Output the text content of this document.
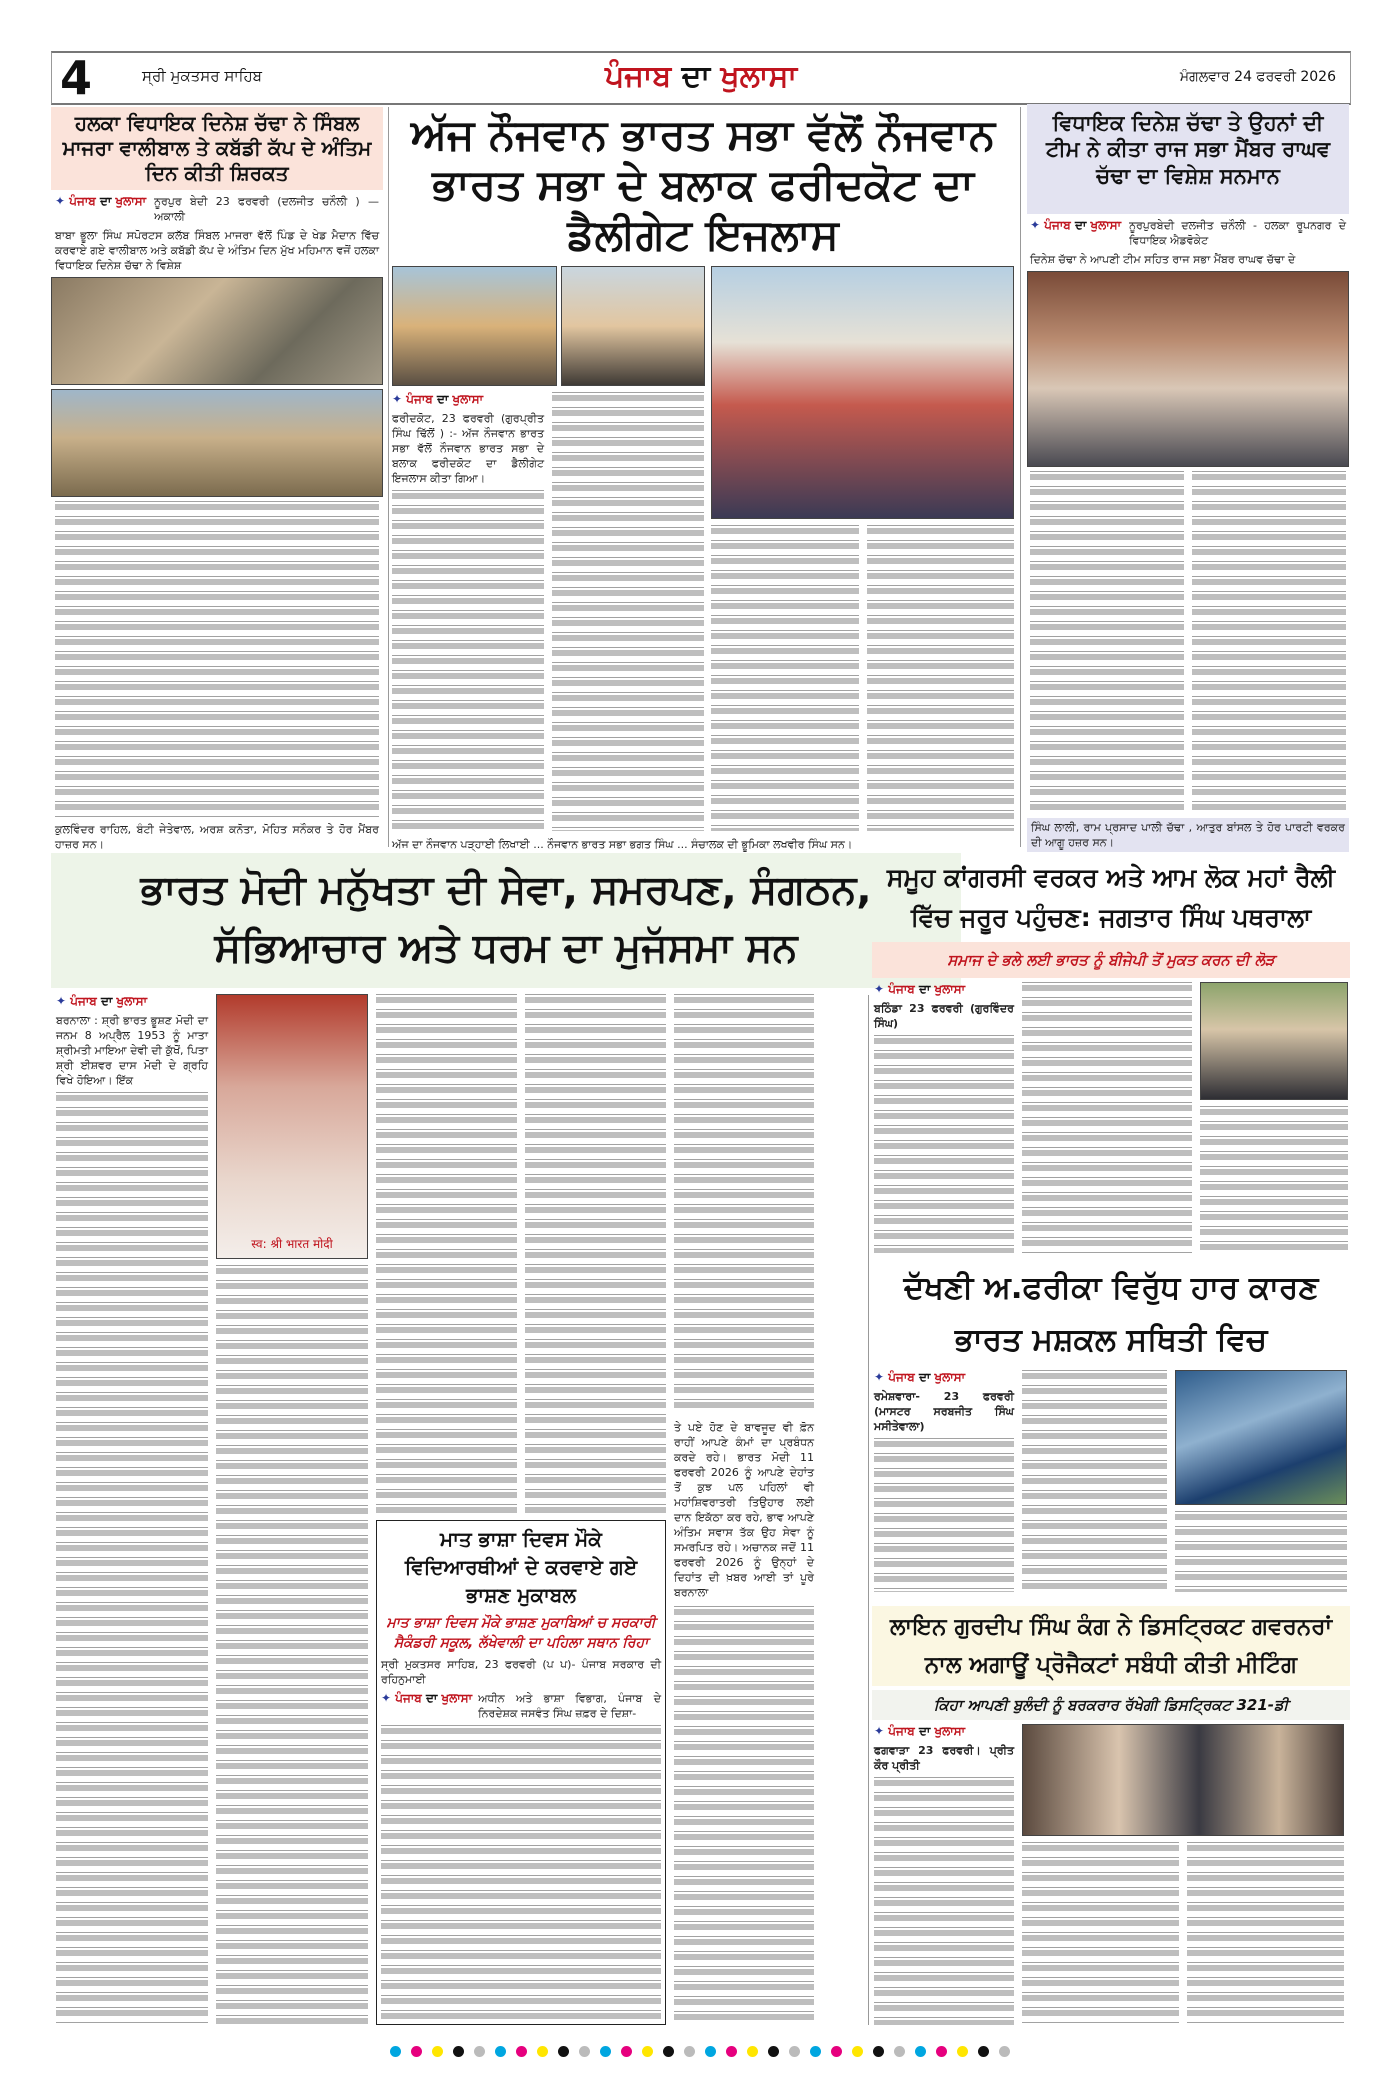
4	ਸ੍ਰੀ ਮੁਕਤਸਰ ਸਾਹਿਬ	ਪੰਜਾਬ ਦਾ ਖੁਲਾਸਾ	ਮੰਗਲਵਾਰ 24 ਫਰਵਰੀ 2026
ਹਲਕਾ ਵਿਧਾਇਕ ਦਿਨੇਸ਼ ਚੱਢਾ ਨੇ ਸਿੰਬਲ ਮਾਜਰਾ ਵਾਲੀਬਾਲ ਤੇ ਕਬੱਡੀ ਕੱਪ ਦੇ ਅੰਤਿਮ ਦਿਨ ਕੀਤੀ ਸ਼ਿਰਕਤ
✦ ਪੰਜਾਬ ਦਾ ਖੁਲਾਸਾ ਨੂਰਪੁਰ ਬੇਦੀ 23 ਫਰਵਰੀ (ਦਲਜੀਤ ਚਨੌਲੀ ) — ਅਕਾਲੀ
ਬਾਬਾ ਭੂਲਾ ਸਿੰਘ ਸਪੋਰਟਸ ਕਲੱਬ ਸਿੰਬਲ ਮਾਜਰਾ ਵੱਲੋਂ ਪਿੰਡ ਦੇ ਖੇਡ ਮੈਦਾਨ ਵਿੱਚ ਕਰਵਾਏ ਗਏ ਵਾਲੀਬਾਲ ਅਤੇ ਕਬੱਡੀ ਕੱਪ ਦੇ ਅੰਤਿਮ ਦਿਨ ਮੁੱਖ ਮਹਿਮਾਨ ਵਜੋਂ ਹਲਕਾ ਵਿਧਾਇਕ ਦਿਨੇਸ਼ ਚੱਢਾ ਨੇ ਵਿਸ਼ੇਸ਼
ਕੁਲਵਿੰਦਰ ਰਾਹਿਲ, ਬੰਟੀ ਜੇਤੇਵਾਲ, ਅਰਸ਼ ਕਨੋਤਾ, ਮੋਹਿਤ ਸਨੌਕਰ ਤੇ ਹੋਰ ਮੈਂਬਰ ਹਾਜ਼ਰ ਸਨ।
ਅੱਜ ਨੌਜਵਾਨ ਭਾਰਤ ਸਭਾ ਵੱਲੋਂ ਨੌਜਵਾਨ ਭਾਰਤ ਸਭਾ ਦੇ ਬਲਾਕ ਫਰੀਦਕੋਟ ਦਾ ਡੈਲੀਗੇਟ ਇਜਲਾਸ
✦ ਪੰਜਾਬ ਦਾ ਖੁਲਾਸਾ
ਫਰੀਦਕੋਟ, 23 ਫਰਵਰੀ (ਗੁਰਪ੍ਰੀਤ ਸਿੰਘ ਢਿੱਲੋਂ ) :- ਅੱਜ ਨੌਜਵਾਨ ਭਾਰਤ ਸਭਾ ਵੱਲੋਂ ਨੌਜਵਾਨ ਭਾਰਤ ਸਭਾ ਦੇ ਬਲਾਕ ਫਰੀਦਕੋਟ ਦਾ ਡੈਲੀਗੇਟ ਇਜਲਾਸ ਕੀਤਾ ਗਿਆ।
ਅੱਜ ਦਾ ਨੌਜਵਾਨ ਪੜ੍ਹਾਈ ਲਿਖਾਈ ... ਨੌਜਵਾਨ ਭਾਰਤ ਸਭਾ ਭਗਤ ਸਿੰਘ ... ਸੰਚਾਲਕ ਦੀ ਭੂਮਿਕਾ ਲਖਵੀਰ ਸਿੰਘ ਸਨ।
ਵਿਧਾਇਕ ਦਿਨੇਸ਼ ਚੱਢਾ ਤੇ ਉਹਨਾਂ ਦੀ ਟੀਮ ਨੇ ਕੀਤਾ ਰਾਜ ਸਭਾ ਮੈਂਬਰ ਰਾਘਵ ਚੱਢਾ ਦਾ ਵਿਸ਼ੇਸ਼ ਸਨਮਾਨ
✦ ਪੰਜਾਬ ਦਾ ਖੁਲਾਸਾ ਨੂਰਪੁਰਬੇਦੀ ਦਲਜੀਤ ਚਨੌਲੀ - ਹਲਕਾ ਰੂਪਨਗਰ ਦੇ ਵਿਧਾਇਕ ਐਡਵੋਕੇਟ
ਦਿਨੇਸ਼ ਚੱਢਾ ਨੇ ਆਪਣੀ ਟੀਮ ਸਹਿਤ ਰਾਜ ਸਭਾ ਮੈਂਬਰ ਰਾਘਵ ਚੱਢਾ ਦੇ
ਸਿੰਘ ਲਾਲੀ, ਰਾਮ ਪ੍ਰਸਾਦ ਪਾਲੀ ਚੱਢਾ , ਆਤੁਰ ਬਾਂਸਲ ਤੇ ਹੋਰ ਪਾਰਟੀ ਵਰਕਰ ਦੀ ਆਗੂ ਹਜ਼ਰ ਸਨ।
ਭਾਰਤ ਮੋਦੀ ਮਨੁੱਖਤਾ ਦੀ ਸੇਵਾ, ਸਮਰਪਣ, ਸੰਗਠਨ, ਸੱਭਿਆਚਾਰ ਅਤੇ ਧਰਮ ਦਾ ਮੁਜੱਸਮਾ ਸਨ
✦ ਪੰਜਾਬ ਦਾ ਖੁਲਾਸਾ
ਬਰਨਾਲਾ : ਸ਼੍ਰੀ ਭਾਰਤ ਭੂਸ਼ਣ ਮੋਦੀ ਦਾ ਜਨਮ 8 ਅਪ੍ਰੈਲ 1953 ਨੂੰ ਮਾਤਾ ਸ਼੍ਰੀਮਤੀ ਮਾਇਆ ਦੇਵੀ ਦੀ ਕੁੱਖੋਂ, ਪਿਤਾ ਸ਼੍ਰੀ ਈਸ਼ਵਰ ਦਾਸ ਮੋਦੀ ਦੇ ਗ੍ਰਹਿ ਵਿਖੇ ਹੋਇਆ। ਇੱਕ
स्व: श्री भारत मोदी
ਮਾਤ ਭਾਸ਼ਾ ਦਿਵਸ ਮੌਕੇ ਵਿਦਿਆਰਥੀਆਂ ਦੇ ਕਰਵਾਏ ਗਏ ਭਾਸ਼ਣ ਮੁਕਾਬਲ
ਮਾਤ ਭਾਸ਼ਾ ਦਿਵਸ ਮੌਕੇ ਭਾਸ਼ਣ ਮੁਕਾਬਿਆਂ ਚ ਸਰਕਾਰੀ ਸੈਕੰਡਰੀ ਸਕੂਲ, ਲੱਖੇਵਾਲੀ ਦਾ ਪਹਿਲਾ ਸਥਾਨ ਰਿਹਾ
ਸ੍ਰੀ ਮੁਕਤਸਰ ਸਾਹਿਬ, 23 ਫਰਵਰੀ (ਪ ਪ)- ਪੰਜਾਬ ਸਰਕਾਰ ਦੀ ਰਹਿਨੁਮਾਈ
✦ ਪੰਜਾਬ ਦਾ ਖੁਲਾਸਾ ਅਧੀਨ ਅਤੇ ਭਾਸ਼ਾ ਵਿਭਾਗ, ਪੰਜਾਬ ਦੇ ਨਿਰਦੇਸ਼ਕ ਜਸਵੰਤ ਸਿੰਘ ਜ਼ਫ਼ਰ ਦੇ ਦਿਸ਼ਾ-
ਤੇ ਪਏ ਹੋਣ ਦੇ ਬਾਵਜੂਦ ਵੀ ਫ਼ੋਨ ਰਾਹੀਂ ਆਪਣੇ ਕੰਮਾਂ ਦਾ ਪ੍ਰਬੰਧਨ ਕਰਦੇ ਰਹੇ। ਭਾਰਤ ਮੋਦੀ 11 ਫਰਵਰੀ 2026 ਨੂੰ ਆਪਣੇ ਦੇਹਾਂਤ ਤੋਂ ਕੁਝ ਪਲ ਪਹਿਲਾਂ ਵੀ ਮਹਾਂਸ਼ਿਵਰਾਤਰੀ ਤਿਉਹਾਰ ਲਈ ਦਾਨ ਇਕੱਠਾ ਕਰ ਰਹੇ, ਭਾਵ ਆਪਣੇ ਅੰਤਿਮ ਸਵਾਸ ਤੱਕ ਉਹ ਸੇਵਾ ਨੂੰ ਸਮਰਪਿਤ ਰਹੇ। ਅਚਾਨਕ ਜਦੋਂ 11 ਫਰਵਰੀ 2026 ਨੂੰ ਉਨ੍ਹਾਂ ਦੇ ਦਿਹਾਂਤ ਦੀ ਖ਼ਬਰ ਆਈ ਤਾਂ ਪੂਰੇ ਬਰਨਾਲਾ
ਸਮੂਹ ਕਾਂਗਰਸੀ ਵਰਕਰ ਅਤੇ ਆਮ ਲੋਕ ਮਹਾਂ ਰੈਲੀ ਵਿੱਚ ਜਰੂਰ ਪਹੁੰਚਣ: ਜਗਤਾਰ ਸਿੰਘ ਪਥਰਾਲਾ
ਸਮਾਜ ਦੇ ਭਲੇ ਲਈ ਭਾਰਤ ਨੂੰ ਬੀਜੇਪੀ ਤੋਂ ਮੁਕਤ ਕਰਨ ਦੀ ਲੋੜ
✦ ਪੰਜਾਬ ਦਾ ਖੁਲਾਸਾ
ਬਠਿੰਡਾ 23 ਫਰਵਰੀ (ਗੁਰਵਿੰਦਰ ਸਿੰਘ)
ਦੱਖਣੀ ਅ.ਫਰੀਕਾ ਵਿਰੁੱਧ ਹਾਰ ਕਾਰਣ ਭਾਰਤ ਮਸ਼ਕਲ ਸਥਿਤੀ ਵਿਚ
✦ ਪੰਜਾਬ ਦਾ ਖੁਲਾਸਾ
ਰਮੇਸ਼ਵਾਰਾ- 23 ਫਰਵਰੀ (ਮਾਸਟਰ ਸਰਬਜੀਤ ਸਿੰਘ ਮਸੀਤੇਵਾਲਾ)
ਲਾਇਨ ਗੁਰਦੀਪ ਸਿੰਘ ਕੰਗ ਨੇ ਡਿਸਟ੍ਰਿਕਟ ਗਵਰਨਰਾਂ ਨਾਲ ਅਗਾਊਂ ਪ੍ਰੋਜੈਕਟਾਂ ਸਬੰਧੀ ਕੀਤੀ ਮੀਟਿੰਗ
ਕਿਹਾ ਆਪਣੀ ਬੁਲੰਦੀ ਨੂੰ ਬਰਕਰਾਰ ਰੱਖੇਗੀ ਡਿਸਟ੍ਰਿਕਟ 321-ਡੀ
✦ ਪੰਜਾਬ ਦਾ ਖੁਲਾਸਾ
ਫਗਵਾੜਾ 23 ਫਰਵਰੀ। ਪ੍ਰੀਤ ਕੌਰ ਪ੍ਰੀਤੀ
